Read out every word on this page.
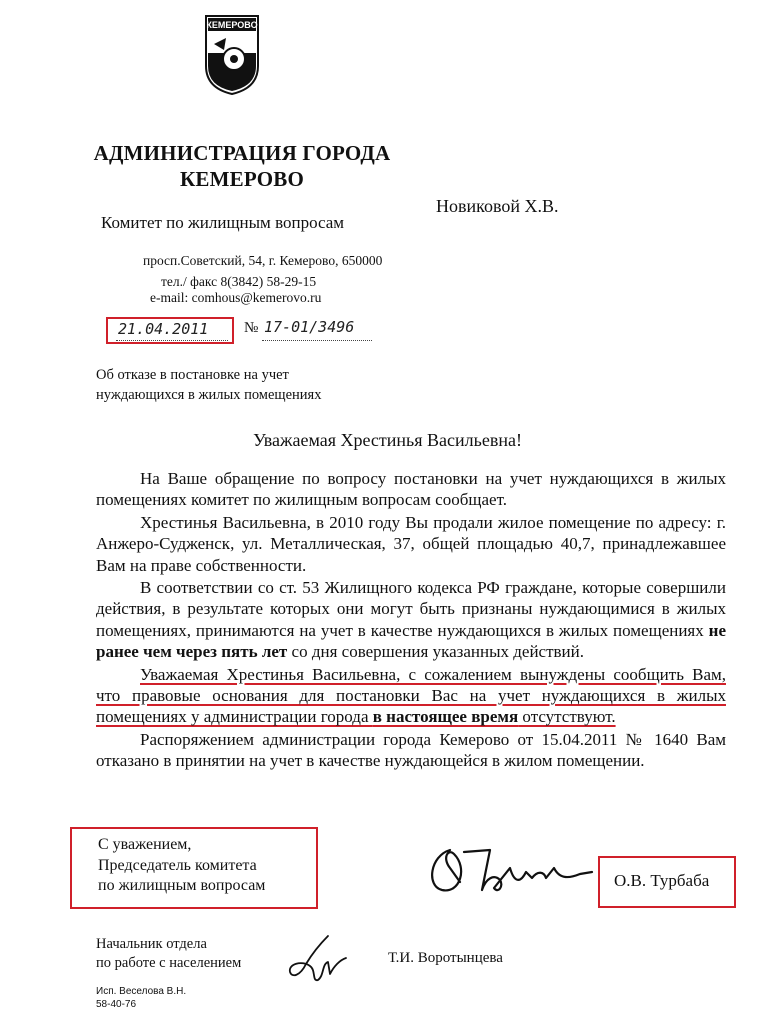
КЕМЕРОВО
АДМИНИСТРАЦИЯ ГОРОДА
КЕМЕРОВО
Комитет по жилищным вопросам
просп.Советский, 54, г. Кемерово, 650000
тел./ факс 8(3842) 58-29-15
e-mail: comhous@kemerovo.ru
Новиковой Х.В.
21.04.2011 № 17-01/3496
Об отказе в постановке на учет
нуждающихся в жилых помещениях
Уважаемая Хрестинья Васильевна!

На Ваше обращение по вопросу постановки на учет нуждающихся в жилых помещениях комитет по жилищным вопросам сообщает.

Хрестинья Васильевна, в 2010 году Вы продали жилое помещение по адресу: г. Анжеро-Судженск, ул. Металлическая, 37, общей площадью 40,7, принадлежавшее Вам на праве собственности.

В соответствии со ст. 53 Жилищного кодекса РФ граждане, которые совершили действия, в результате которых они могут быть признаны нуждающимися в жилых помещениях, принимаются на учет в качестве нуждающихся в жилых помещениях не ранее чем через пять лет со дня совершения указанных действий.

Уважаемая Хрестинья Васильевна, с сожалением вынуждены сообщить Вам, что правовые основания для постановки Вас на учет нуждающихся в жилых помещениях у администрации города в настоящее время отсутствуют.

Распоряжением администрации города Кемерово от 15.04.2011 № 1640 Вам отказано в принятии на учет в качестве нуждающейся в жилом помещении.

С уважением,
Председатель комитета
по жилищным вопросам	О.В. Турбаба
Начальник отдела
по работе с населением	Т.И. Воротынцева
Исп. Веселова В.Н.
58-40-76
